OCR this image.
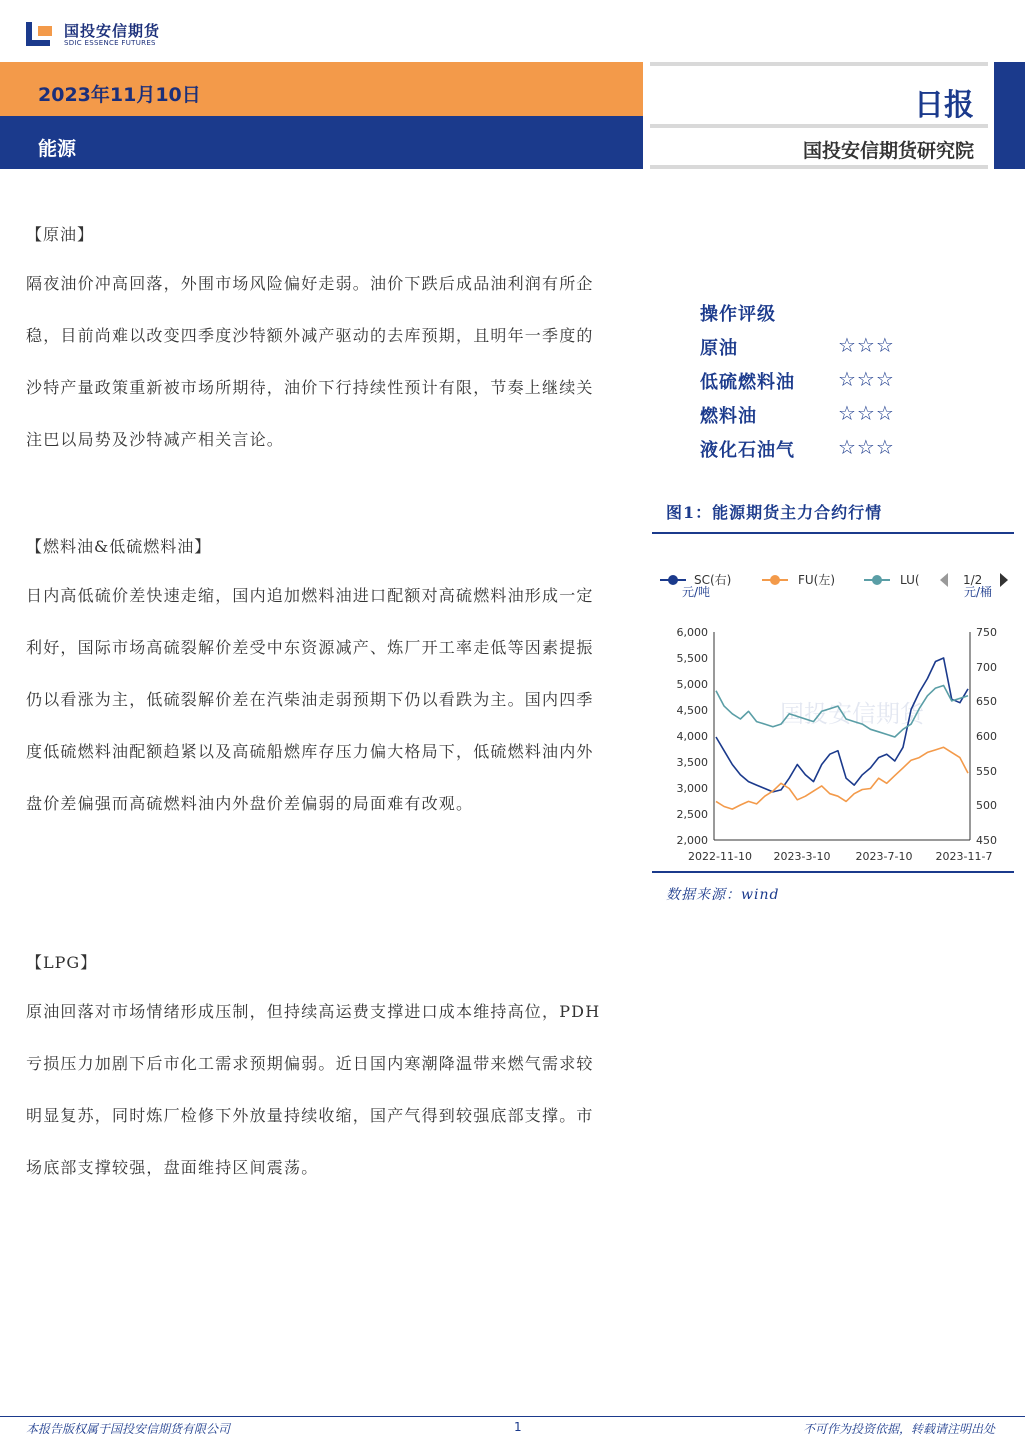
国投安信期货
SDIC ESSENCE FUTURES
2023年11月10日
能源
日报
国投安信期货研究院
【原油】
隔夜油价冲高回落，外围市场风险偏好走弱。油价下跌后成品油利润有所企稳，目前尚难以改变四季度沙特额外减产驱动的去库预期，且明年一季度的沙特产量政策重新被市场所期待，油价下行持续性预计有限，节奏上继续关注巴以局势及沙特减产相关言论。
【燃料油&低硫燃料油】
日内高低硫价差快速走缩，国内追加燃料油进口配额对高硫燃料油形成一定利好，国际市场高硫裂解价差受中东资源减产、炼厂开工率走低等因素提振仍以看涨为主，低硫裂解价差在汽柴油走弱预期下仍以看跌为主。国内四季度低硫燃料油配额趋紧以及高硫船燃库存压力偏大格局下，低硫燃料油内外盘价差偏强而高硫燃料油内外盘价差偏弱的局面难有改观。
【LPG】
原油回落对市场情绪形成压制，但持续高运费支撑进口成本维持高位，PDH亏损压力加剧下后市化工需求预期偏弱。近日国内寒潮降温带来燃气需求较明显复苏，同时炼厂检修下外放量持续收缩，国产气得到较强底部支撑。市场底部支撑较强，盘面维持区间震荡。
操作评级
原油	☆☆☆
低硫燃料油 ☆☆☆
燃料油	☆☆☆
液化石油气 ☆☆☆
图1：能源期货主力合约行情
国投安信期货
SC(右)	FU(左)	LU(	1/2
元/吨	元/桶
6,000
5,500
5,000
4,500
4,000
3,500
3,000
2,500
2,000
750
700
650
600
550
500
450
2022-11-10 2023-3-10 2023-7-10 2023-11-7
数据来源：wind
本报告版权属于国投安信期货有限公司	1	不可作为投资依据，转载请注明出处
